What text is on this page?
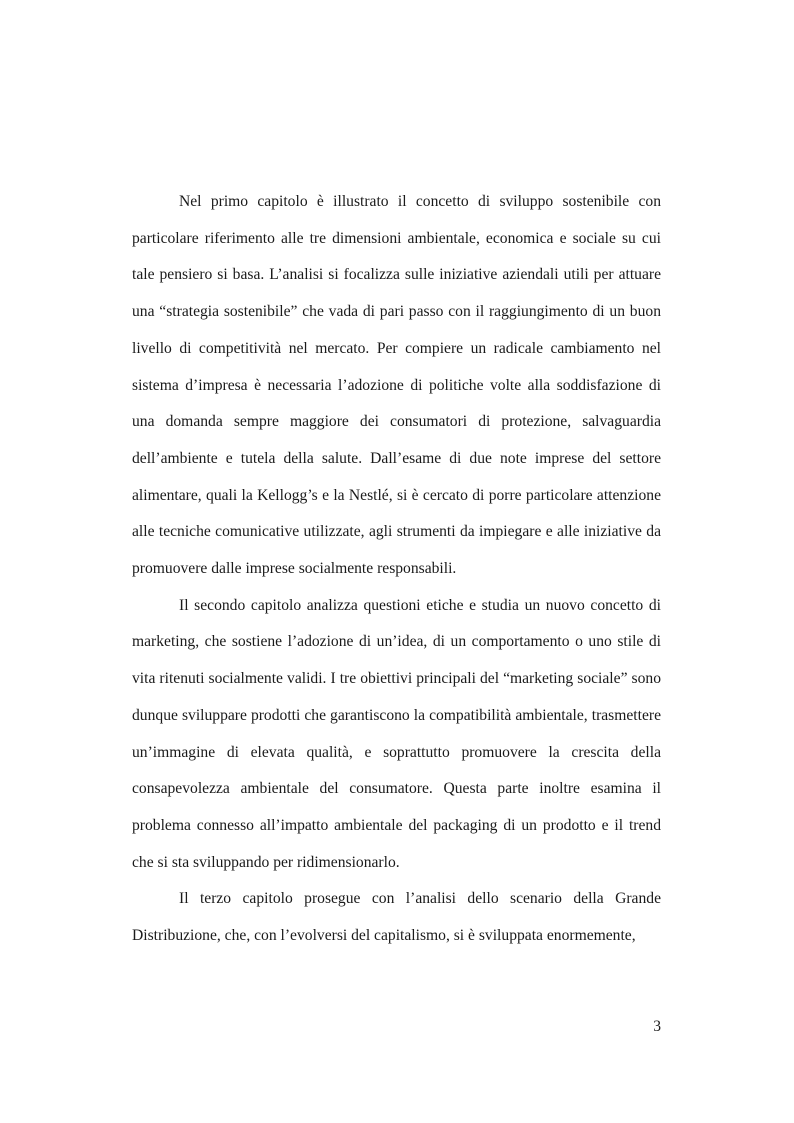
Nel primo capitolo è illustrato il concetto di sviluppo sostenibile con particolare riferimento alle tre dimensioni ambientale, economica e sociale su cui tale pensiero si basa. L’analisi si focalizza sulle iniziative aziendali utili per attuare una “strategia sostenibile” che vada di pari passo con il raggiungimento di un buon livello di competitività nel mercato. Per compiere un radicale cambiamento nel sistema d’impresa è necessaria l’adozione di politiche volte alla soddisfazione di una domanda sempre maggiore dei consumatori di protezione, salvaguardia dell’ambiente e tutela della salute. Dall’esame di due note imprese del settore alimentare, quali la Kellogg’s e la Nestlé, si è cercato di porre particolare attenzione alle tecniche comunicative utilizzate, agli strumenti da impiegare e alle iniziative da promuovere dalle imprese socialmente responsabili.

Il secondo capitolo analizza questioni etiche e studia un nuovo concetto di marketing, che sostiene l’adozione di un’idea, di un comportamento o uno stile di vita ritenuti socialmente validi. I tre obiettivi principali del “marketing sociale” sono dunque sviluppare prodotti che garantiscono la compatibilità ambientale, trasmettere un’immagine di elevata qualità, e soprattutto promuovere la crescita della consapevolezza ambientale del consumatore. Questa parte inoltre esamina il problema connesso all’impatto ambientale del packaging di un prodotto e il trend che si sta sviluppando per ridimensionarlo.

Il terzo capitolo prosegue con l’analisi dello scenario della Grande Distribuzione, che, con l’evolversi del capitalismo, si è sviluppata enormemente,

3
